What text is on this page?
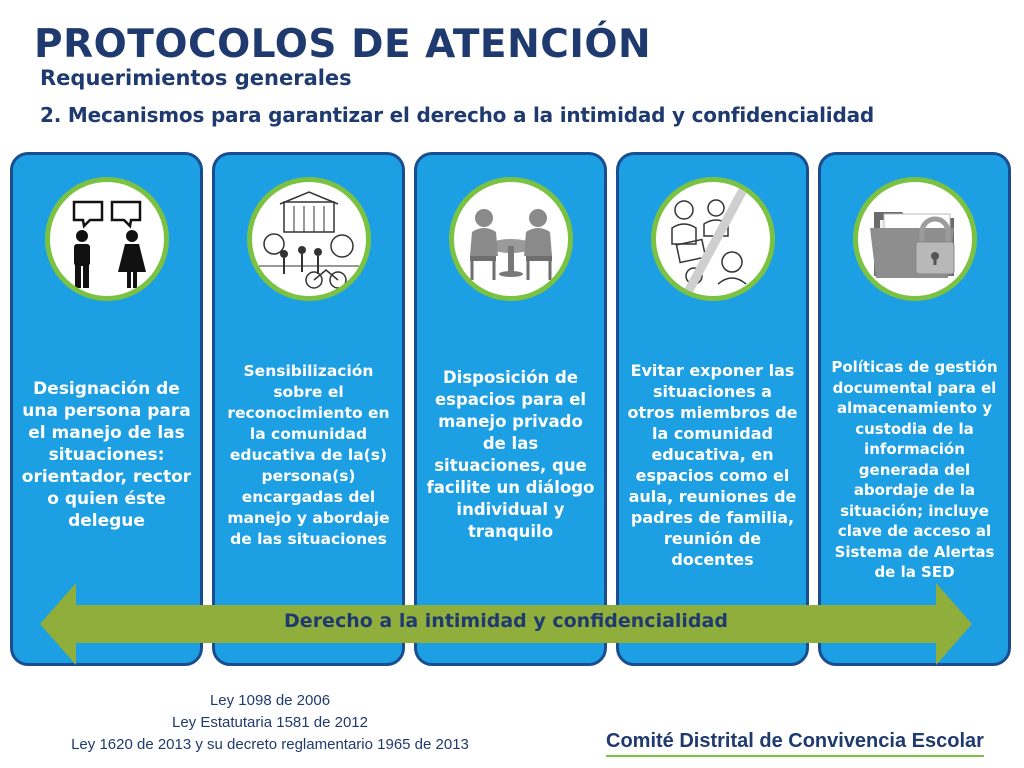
PROTOCOLOS DE ATENCIÓN
Requerimientos generales
2. Mecanismos para garantizar el derecho a la intimidad y confidencialidad
Designación de una persona para el manejo de las situaciones: orientador, rector o quien éste delegue
Sensibilización sobre el reconocimiento en la comunidad educativa de la(s) persona(s) encargadas del manejo y abordaje de las situaciones
Disposición de espacios para el manejo privado de las situaciones, que facilite un diálogo individual y tranquilo
Evitar exponer las situaciones a otros miembros de la comunidad educativa, en espacios como el aula, reuniones de padres de familia, reunión de docentes
Políticas de gestión documental para el almacenamiento y custodia de la información generada del abordaje de la situación; incluye clave de acceso al Sistema de Alertas de la SED
Derecho a la intimidad y confidencialidad
Ley 1098 de 2006
Ley Estatutaria 1581 de 2012
Ley 1620 de 2013 y su decreto reglamentario 1965 de 2013	Comité Distrital de Convivencia Escolar
